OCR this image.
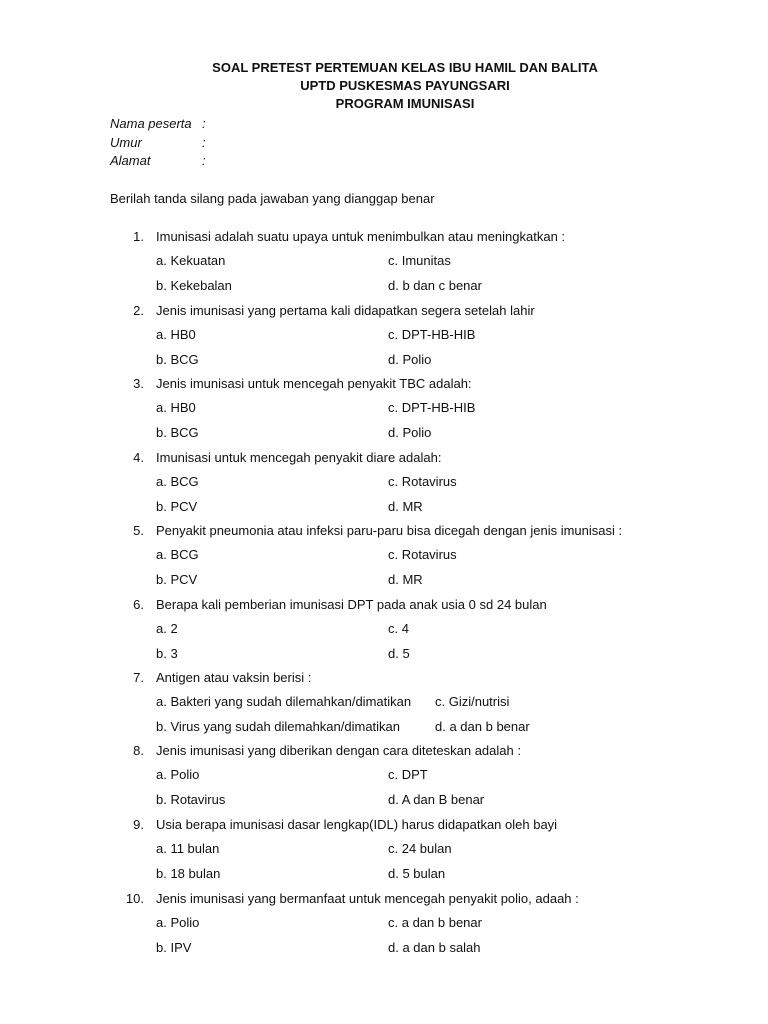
SOAL PRETEST PERTEMUAN KELAS IBU HAMIL DAN BALITA
UPTD PUSKESMAS PAYUNGSARI
PROGRAM IMUNISASI
Nama peserta :
Umur	:
Alamat	:
Berilah tanda silang pada jawaban yang dianggap benar
1. Imunisasi adalah suatu upaya untuk menimbulkan atau meningkatkan :
a. Kekuatan	c. Imunitas
b. Kekebalan	d. b dan c benar
2. Jenis imunisasi yang pertama kali didapatkan segera setelah lahir
a. HB0	c. DPT-HB-HIB
b. BCG	d. Polio
3. Jenis imunisasi untuk mencegah penyakit TBC adalah:
a. HB0	c. DPT-HB-HIB
b. BCG	d. Polio
4. Imunisasi untuk mencegah penyakit diare adalah:
a. BCG	c. Rotavirus
b. PCV	d. MR
5. Penyakit pneumonia atau infeksi paru-paru bisa dicegah dengan jenis imunisasi :
a. BCG	c. Rotavirus
b. PCV	d. MR
6. Berapa kali pemberian imunisasi DPT pada anak usia 0 sd 24 bulan
a. 2	c. 4
b. 3	d. 5
7. Antigen atau vaksin berisi :
a. Bakteri yang sudah dilemahkan/dimatikan c. Gizi/nutrisi
b. Virus yang sudah dilemahkan/dimatikan	d. a dan b benar
8. Jenis imunisasi yang diberikan dengan cara diteteskan adalah :
a. Polio	c. DPT
b. Rotavirus	d. A dan B benar
9. Usia berapa imunisasi dasar lengkap(IDL) harus didapatkan oleh bayi
a. 11 bulan	c. 24 bulan
b. 18 bulan	d. 5 bulan
10. Jenis imunisasi yang bermanfaat untuk mencegah penyakit polio, adaah :
a. Polio	c. a dan b benar
b. IPV	d. a dan b salah
